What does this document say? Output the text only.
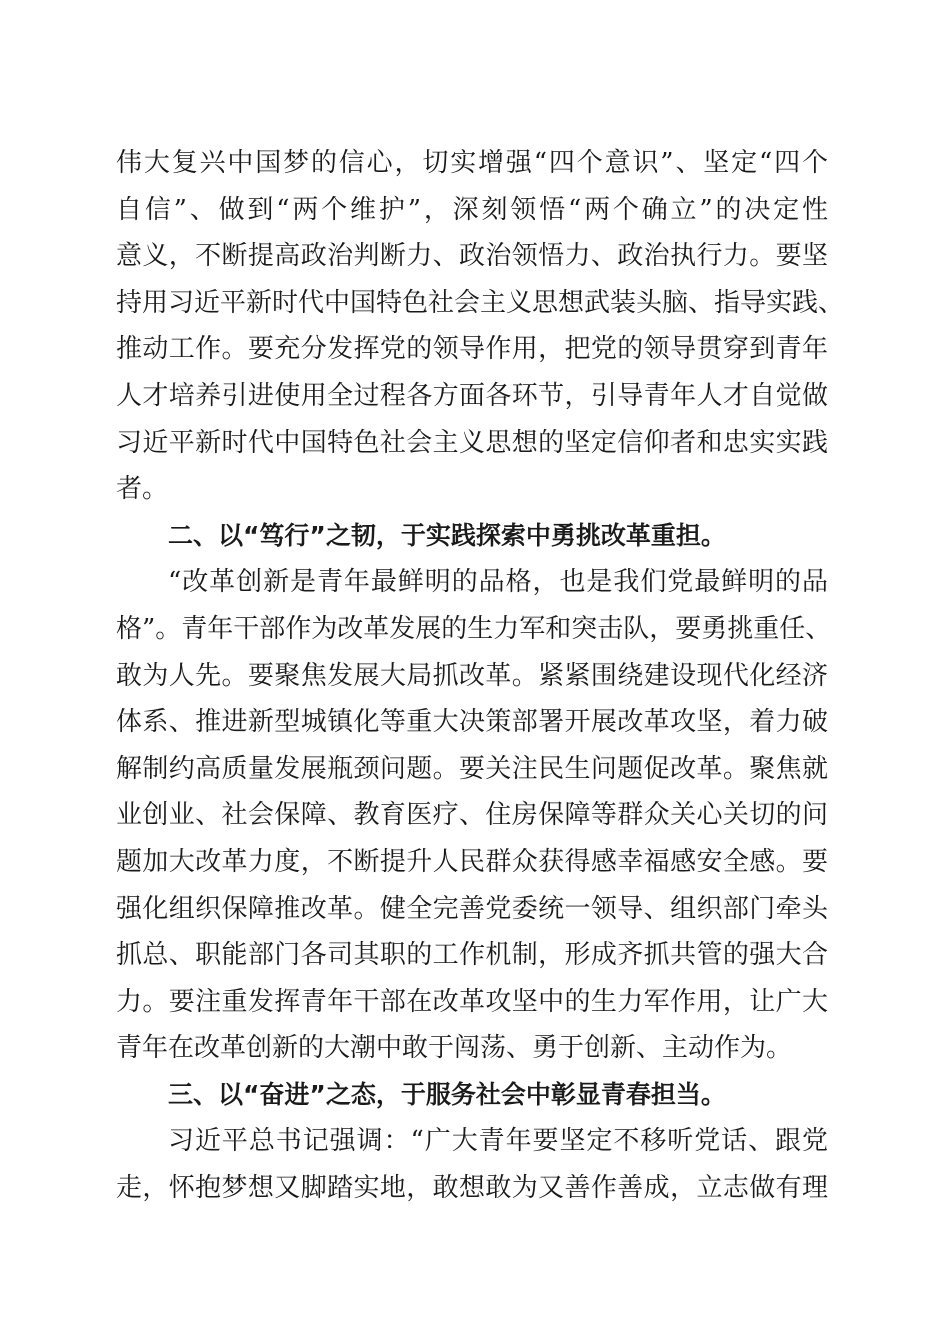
伟大复兴中国梦的信心，切实增强“四个意识”、坚定“四个
自信”、做到“两个维护”，深刻领悟“两个确立”的决定性
意义，不断提高政治判断力、政治领悟力、政治执行力。要坚
持用习近平新时代中国特色社会主义思想武装头脑、指导实践、
推动工作。要充分发挥党的领导作用，把党的领导贯穿到青年
人才培养引进使用全过程各方面各环节，引导青年人才自觉做
习近平新时代中国特色社会主义思想的坚定信仰者和忠实实践
者。
二、以“笃行”之韧，于实践探索中勇挑改革重担。
“改革创新是青年最鲜明的品格，也是我们党最鲜明的品
格”。青年干部作为改革发展的生力军和突击队，要勇挑重任、
敢为人先。要聚焦发展大局抓改革。紧紧围绕建设现代化经济
体系、推进新型城镇化等重大决策部署开展改革攻坚，着力破
解制约高质量发展瓶颈问题。要关注民生问题促改革。聚焦就
业创业、社会保障、教育医疗、住房保障等群众关心关切的问
题加大改革力度，不断提升人民群众获得感幸福感安全感。要
强化组织保障推改革。健全完善党委统一领导、组织部门牵头
抓总、职能部门各司其职的工作机制，形成齐抓共管的强大合
力。要注重发挥青年干部在改革攻坚中的生力军作用，让广大
青年在改革创新的大潮中敢于闯荡、勇于创新、主动作为。
三、以“奋进”之态，于服务社会中彰显青春担当。
习近平总书记强调：“广大青年要坚定不移听党话、跟党
走，怀抱梦想又脚踏实地，敢想敢为又善作善成，立志做有理
